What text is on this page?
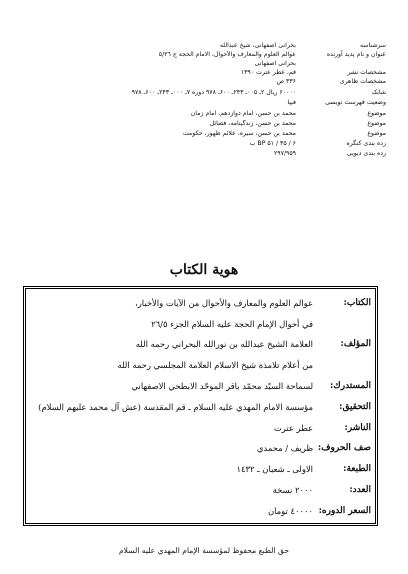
سرشناسه
بحرانی اصفهانی، شیخ عبدالله
عنوان و نام پدید آورنده
عوالم العلوم والمعارف والأحوال، الامام الحجة ج ٥/٢٦
بحرانی اصفهانی
مشخصات نشر
قم، عطر عترت ۱۳۹۰
مشخصات ظاهری
۳۳۶ ص
شابک
۶۰۰۰۰ ریال ۲ـ ۰۰۵ـ ۲۴۳ـ ۶۰۰ـ ۹۷۸ دوره ۷ـ ۰۰۰ـ ۲۴۳ـ ۶۰۰ـ ۹۷۸
وضعیت فهرست نویسی
فیپا
موضوع
محمد بن حسن، امام دوازدهم، امام زمان
موضوع
محمد بن حسن، زندگینامه، فضائل
موضوع
محمد بن حسن، سیره، علائم ظهور، حکومت
رده بندی کنگره
BP ۵۱ / ۳۵ / ۶ ب
رده بندی دیویی
۲۹۷/۹۵۹
هوية الكتاب
الكتاب:
عوالم العلوم والمعارف والأحوال من الآيات والأخبار،
في أحوال الإمام الحجة عليه السلام الجزء ٢٦/٥
المؤلف:
العلامة الشيخ عبدالله بن نورالله البحراني رحمه الله
من أعلام تلامذة شيخ الاسلام العلامة المجلسي رحمه الله
المستدرك:
لسماحة السيّد محمّد باقر الموحّد الابطحي الاصفهاني
التحقيق:
مؤسسة الامام المهدي عليه السلام ـ قم المقدسة (عش آل محمد عليهم السلام)
الناشر:
عطر عترت
صف الحروف:
ظريف / محمدي
الطبعة:
الاولى ـ شعبان ـ ١٤٣٢
العدد:
٢٠٠٠ نسخة
السعر الدوره:
٤٠٠٠٠ تومان
حق الطبع محفوظ لمؤسسة الإمام المهدي عليه السلام
